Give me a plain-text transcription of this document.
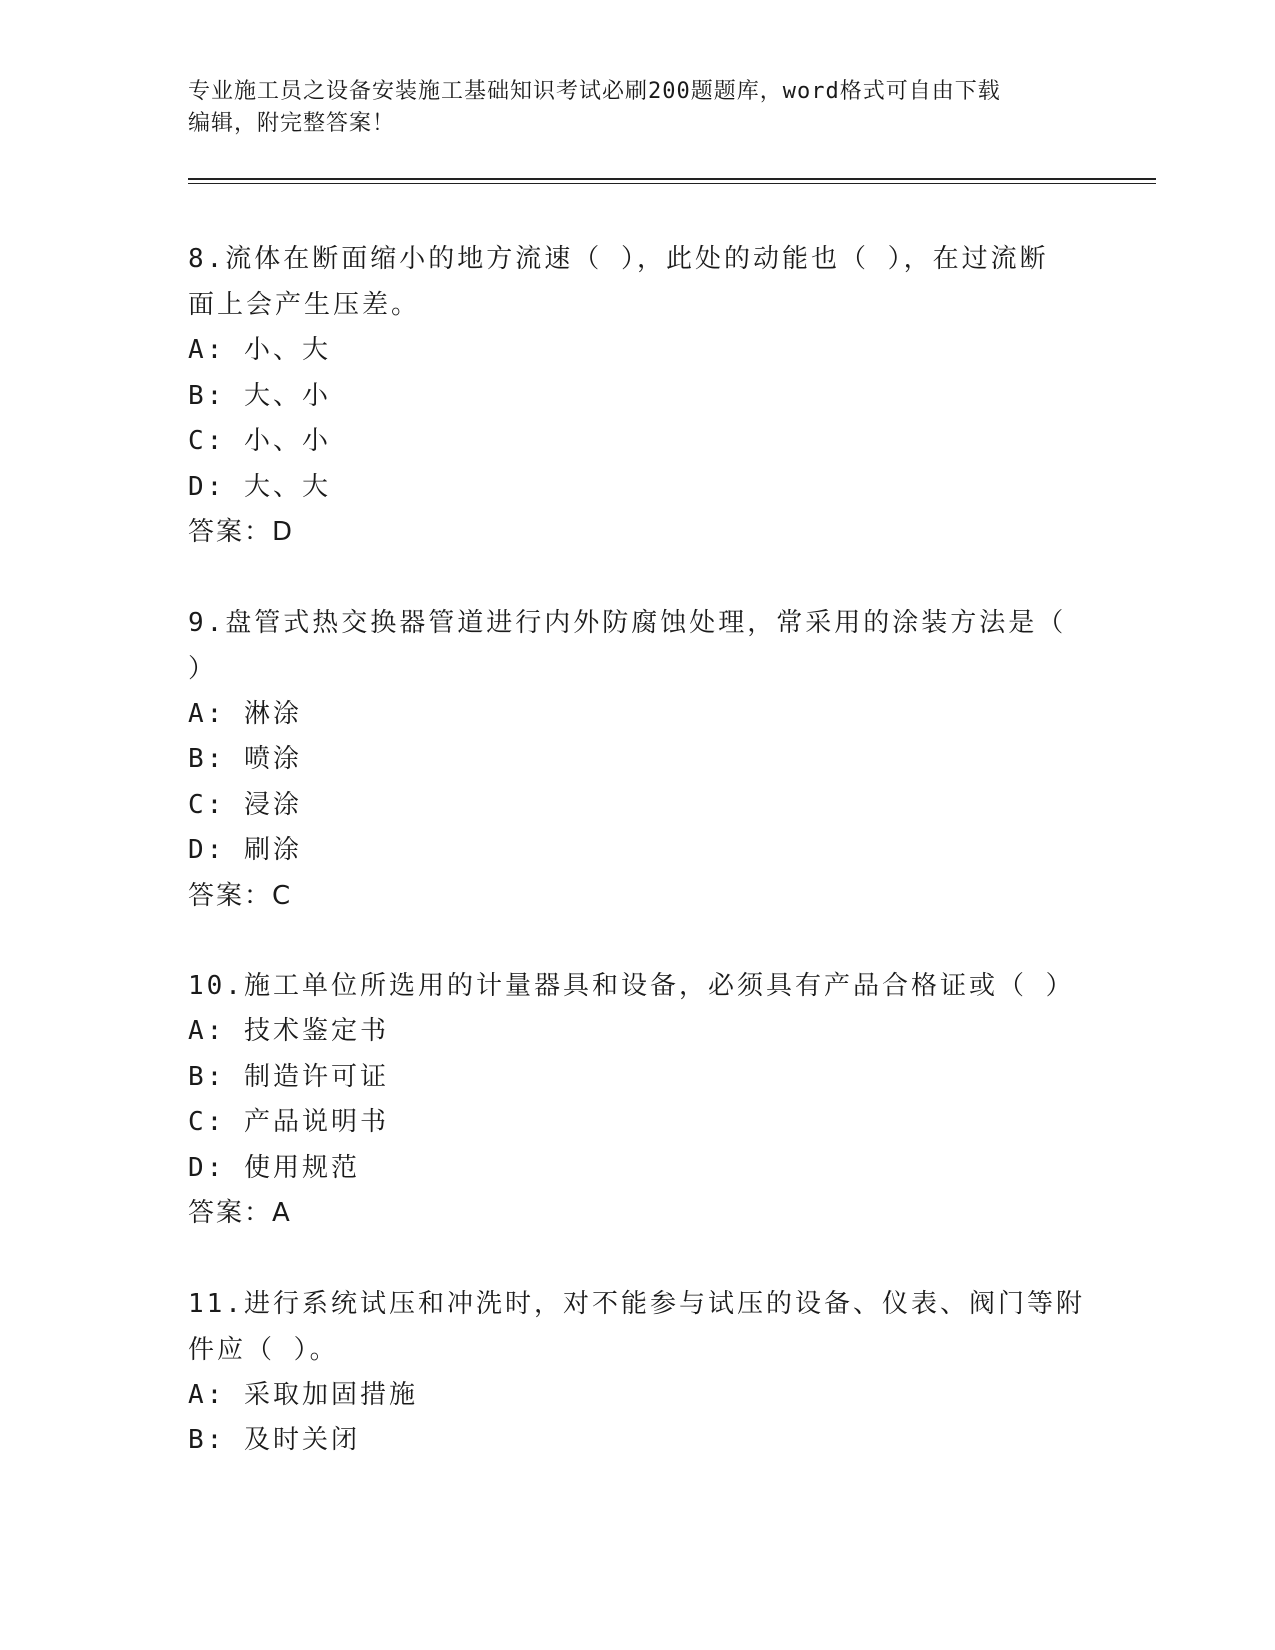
专业施工员之设备安装施工基础知识考试必刷200题题库，word格式可自由下载
编辑，附完整答案！
8.流体在断面缩小的地方流速（ ），此处的动能也（ ），在过流断
面上会产生压差。
A: 小、大
B: 大、小
C: 小、小
D: 大、大
答案：D
9.盘管式热交换器管道进行内外防腐蚀处理，常采用的涂装方法是（
）
A: 淋涂
B: 喷涂
C: 浸涂
D: 刷涂
答案：C
10.施工单位所选用的计量器具和设备，必须具有产品合格证或（ ）
A: 技术鉴定书
B: 制造许可证
C: 产品说明书
D: 使用规范
答案：A
11.进行系统试压和冲洗时，对不能参与试压的设备、仪表、阀门等附
件应（ ）。
A: 采取加固措施
B: 及时关闭
